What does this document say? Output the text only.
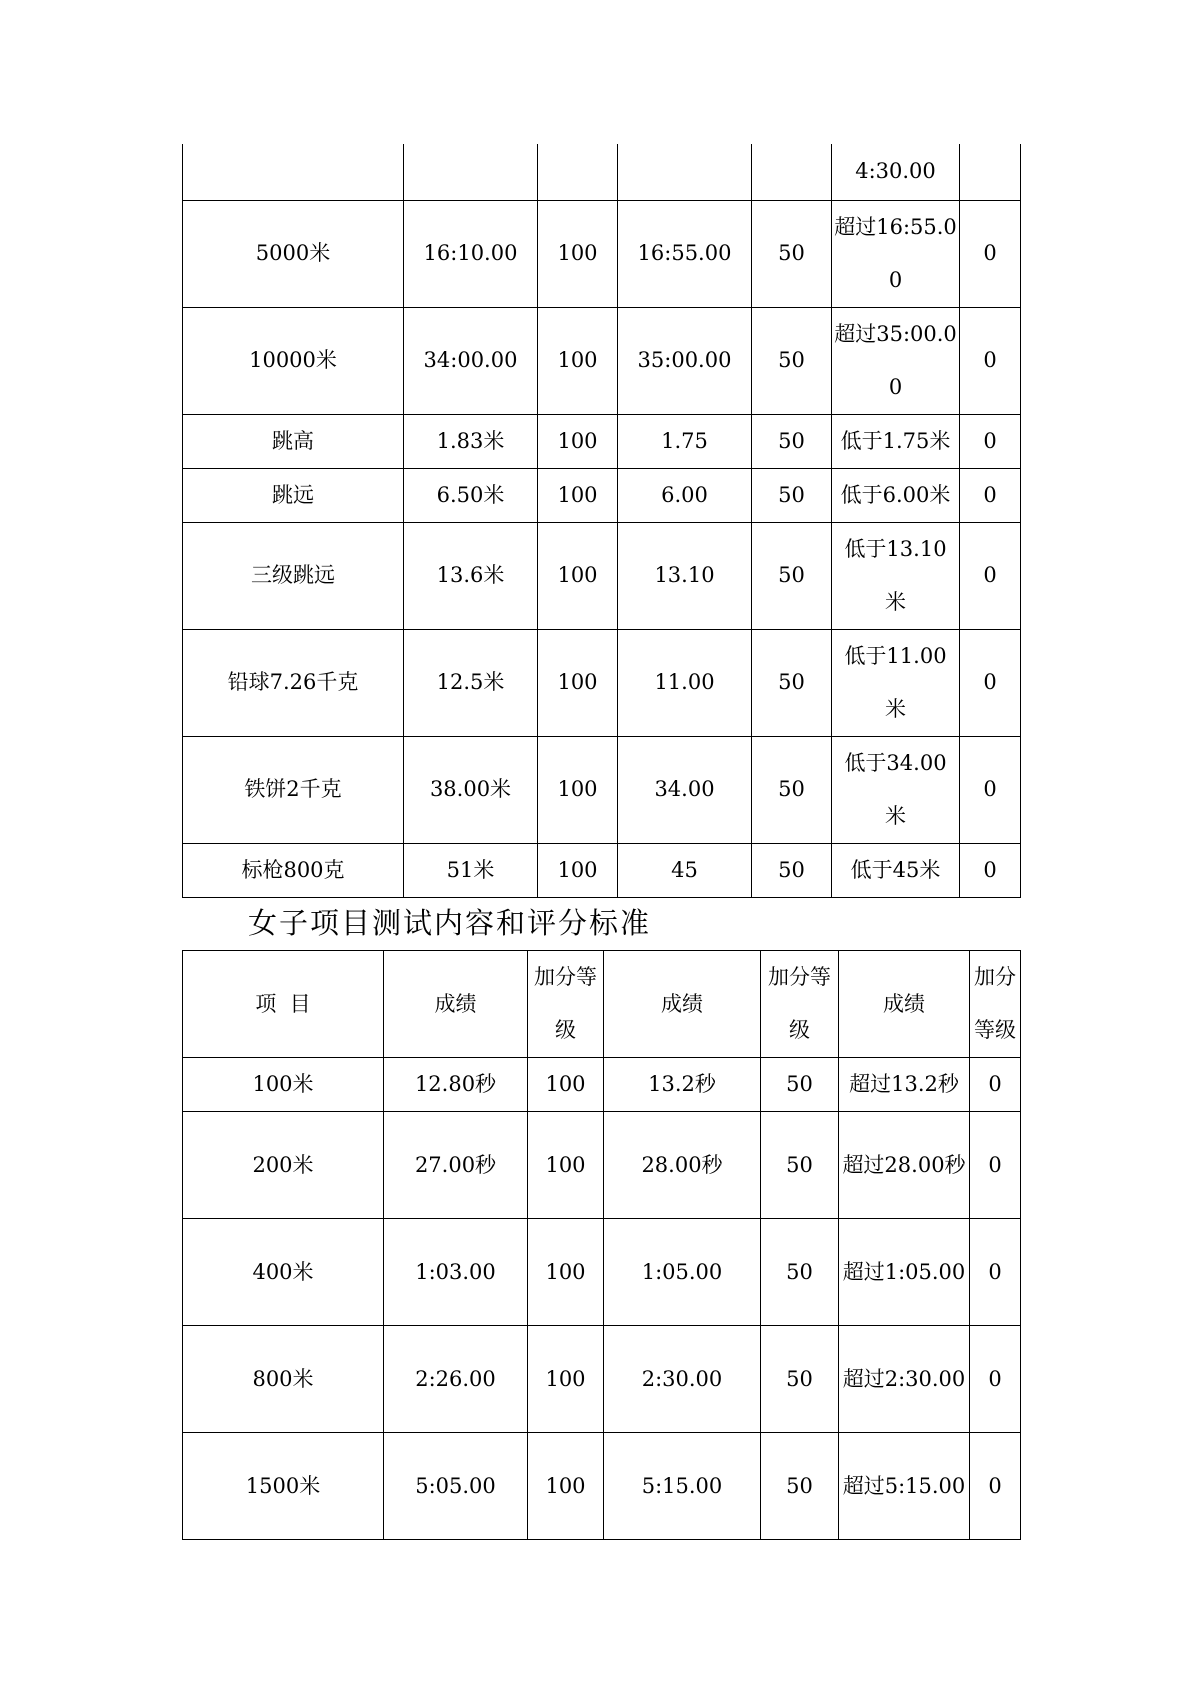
					4:30.00	
5000米	16:10.00	100	16:55.00	50	超过16:55.00	0
10000米	34:00.00	100	35:00.00	50	超过35:00.00	0
跳高	1.83米	100	1.75	50	低于1.75米	0
跳远	6.50米	100	6.00	50	低于6.00米	0
三级跳远	13.6米	100	13.10	50	低于13.10米	0
铅球7.26千克	12.5米	100	11.00	50	低于11.00米	0
铁饼2千克	38.00米	100	34.00	50	低于34.00米	0
标枪800克	51米	100	45	50	低于45米	0
女子项目测试内容和评分标准
项  目	成绩	加分等级	成绩	加分等级	成绩	加分等级
100米	12.80秒	100	13.2秒	50	超过13.2秒	0
200米	27.00秒	100	28.00秒	50	超过28.00秒	0
400米	1:03.00	100	1:05.00	50	超过1:05.00	0
800米	2:26.00	100	2:30.00	50	超过2:30.00	0
1500米	5:05.00	100	5:15.00	50	超过5:15.00	0
